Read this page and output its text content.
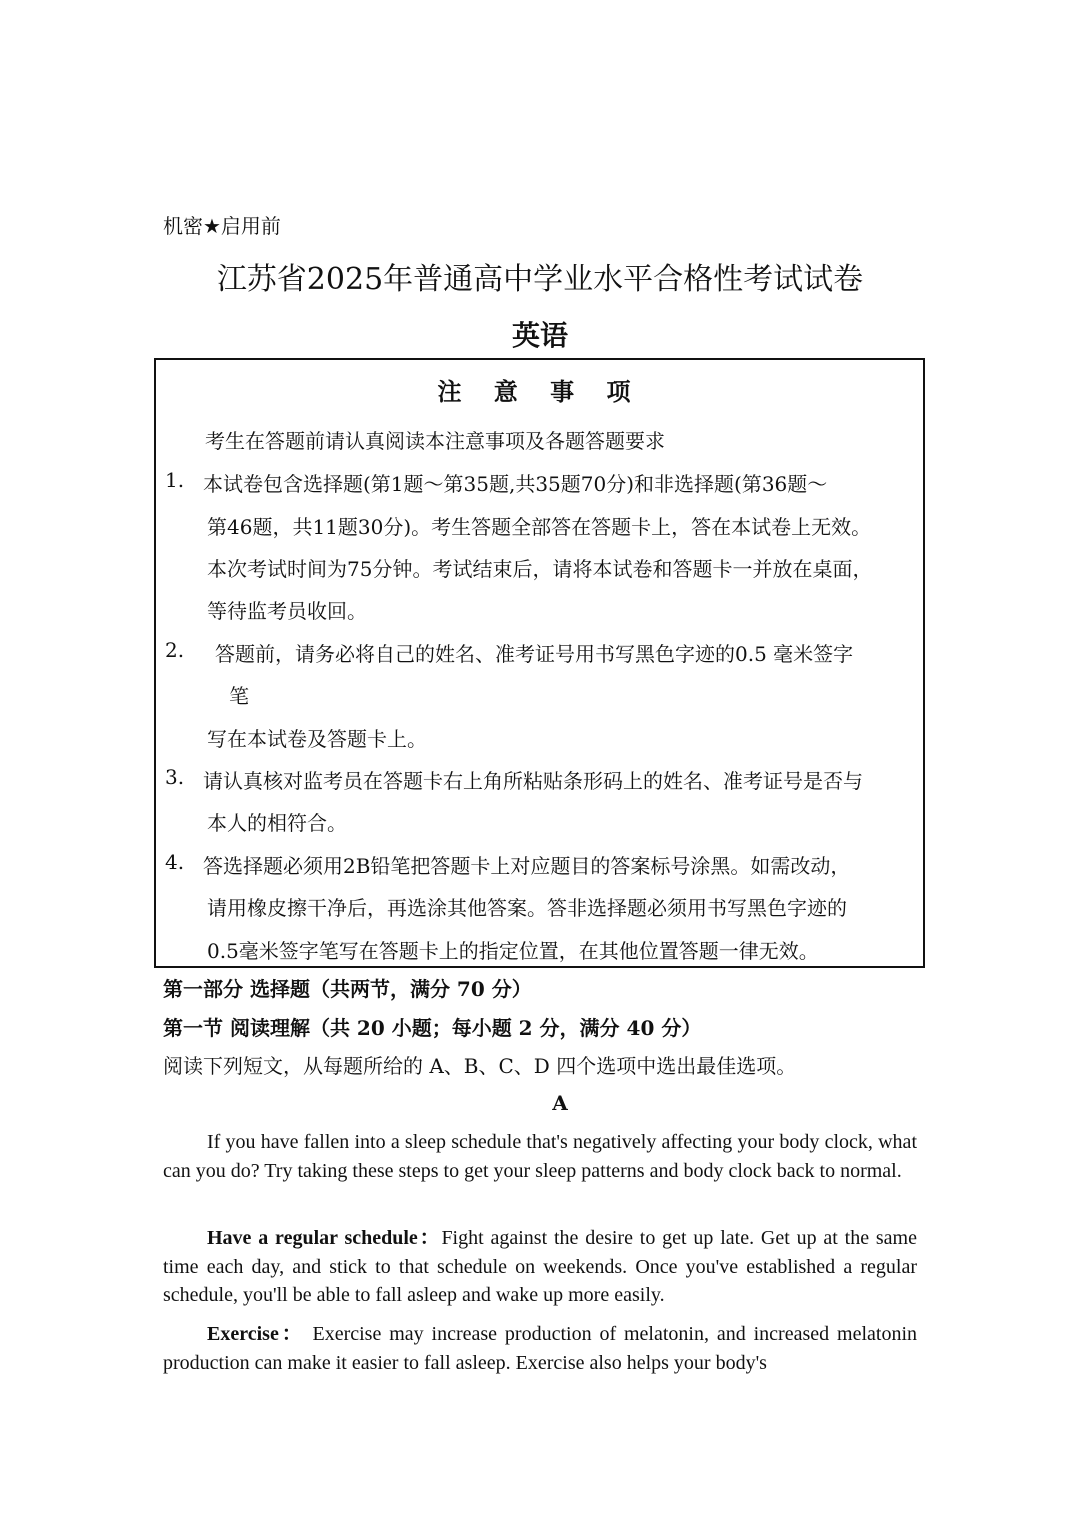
机密★启用前
江苏省2025年普通高中学业水平合格性考试试卷
英语
注 意 事 项
考生在答题前请认真阅读本注意事项及各题答题要求
1. 本试卷包含选择题(第1题～第35题,共35题70分)和非选择题(第36题～
第46题，共11题30分)。考生答题全部答在答题卡上，答在本试卷上无效。
本次考试时间为75分钟。考试结束后，请将本试卷和答题卡一并放在桌面，
等待监考员收回。
2. 答题前，请务必将自己的姓名、准考证号用书写黑色字迹的0.5 毫米签字
笔
写在本试卷及答题卡上。
3. 请认真核对监考员在答题卡右上角所粘贴条形码上的姓名、准考证号是否与
本人的相符合。
4. 答选择题必须用2B铅笔把答题卡上对应题目的答案标号涂黑。如需改动，
请用橡皮擦干净后，再选涂其他答案。答非选择题必须用书写黑色字迹的
0.5毫米签字笔写在答题卡上的指定位置，在其他位置答题一律无效。
第一部分 选择题（共两节，满分 70 分）
第一节 阅读理解（共 20 小题；每小题 2 分，满分 40 分）
阅读下列短文，从每题所给的 A、B、C、D 四个选项中选出最佳选项。
A
If you have fallen into a sleep schedule that's negatively affecting your body clock, what can you do? Try taking these steps to get your sleep patterns and body clock back to normal.
Have a regular schedule：Fight against the desire to get up late. Get up at the same time each day, and stick to that schedule on weekends. Once you've established a regular schedule, you'll be able to fall asleep and wake up more easily.
Exercise： Exercise may increase production of melatonin, and increased melatonin production can make it easier to fall asleep. Exercise also helps your body's
